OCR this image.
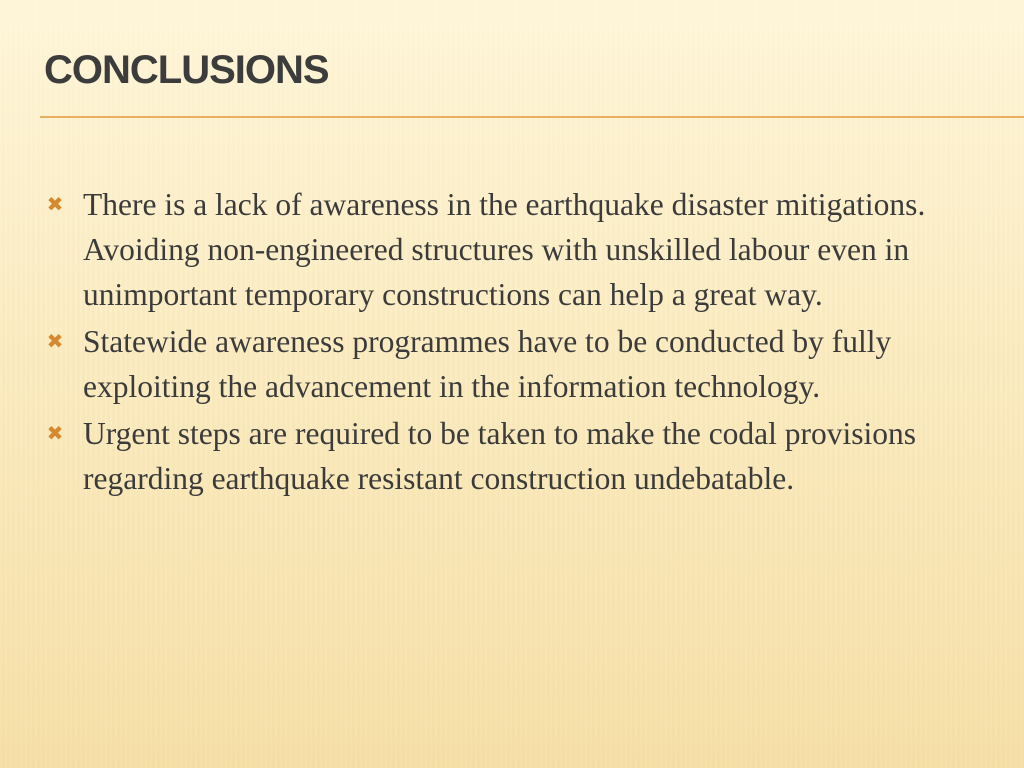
CONCLUSIONS
✖ There is a lack of awareness in the earthquake disaster mitigations. Avoiding non-engineered structures with unskilled labour even in unimportant temporary constructions can help a great way.
✖ Statewide awareness programmes have to be conducted by fully exploiting the advancement in the information technology.
✖ Urgent steps are required to be taken to make the codal provisions regarding earthquake resistant construction undebatable.
